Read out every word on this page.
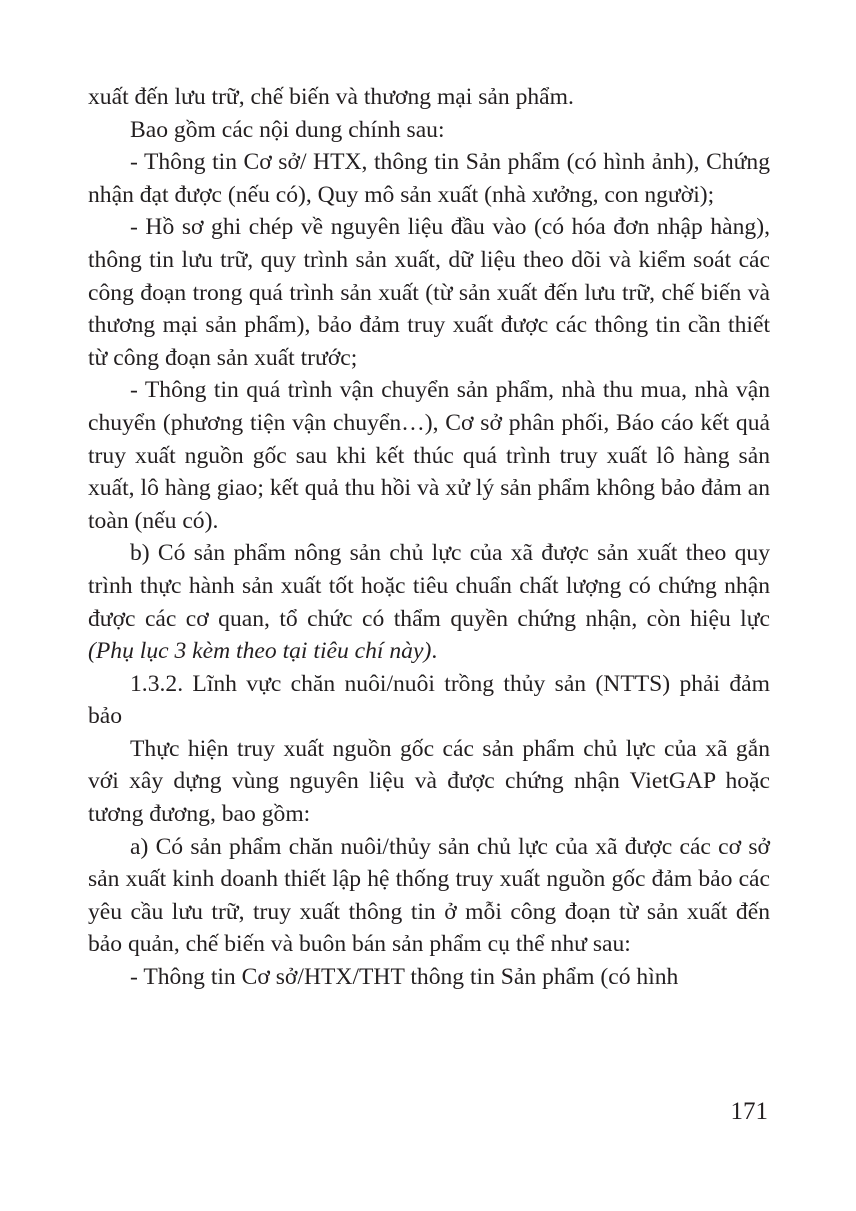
xuất đến lưu trữ, chế biến và thương mại sản phẩm.

Bao gồm các nội dung chính sau:

- Thông tin Cơ sở/ HTX, thông tin Sản phẩm (có hình ảnh), Chứng nhận đạt được (nếu có), Quy mô sản xuất (nhà xưởng, con người);

- Hồ sơ ghi chép về nguyên liệu đầu vào (có hóa đơn nhập hàng), thông tin lưu trữ, quy trình sản xuất, dữ liệu theo dõi và kiểm soát các công đoạn trong quá trình sản xuất (từ sản xuất đến lưu trữ, chế biến và thương mại sản phẩm), bảo đảm truy xuất được các thông tin cần thiết từ công đoạn sản xuất trước;

- Thông tin quá trình vận chuyển sản phẩm, nhà thu mua, nhà vận chuyển (phương tiện vận chuyển…), Cơ sở phân phối, Báo cáo kết quả truy xuất nguồn gốc sau khi kết thúc quá trình truy xuất lô hàng sản xuất, lô hàng giao; kết quả thu hồi và xử lý sản phẩm không bảo đảm an toàn (nếu có).

b) Có sản phẩm nông sản chủ lực của xã được sản xuất theo quy trình thực hành sản xuất tốt hoặc tiêu chuẩn chất lượng có chứng nhận được các cơ quan, tổ chức có thẩm quyền chứng nhận, còn hiệu lực (Phụ lục 3 kèm theo tại tiêu chí này).

1.3.2. Lĩnh vực chăn nuôi/nuôi trồng thủy sản (NTTS) phải đảm bảo

Thực hiện truy xuất nguồn gốc các sản phẩm chủ lực của xã gắn với xây dựng vùng nguyên liệu và được chứng nhận VietGAP hoặc tương đương, bao gồm:

a) Có sản phẩm chăn nuôi/thủy sản chủ lực của xã được các cơ sở sản xuất kinh doanh thiết lập hệ thống truy xuất nguồn gốc đảm bảo các yêu cầu lưu trữ, truy xuất thông tin ở mỗi công đoạn từ sản xuất đến bảo quản, chế biến và buôn bán sản phẩm cụ thể như sau:

- Thông tin Cơ sở/HTX/THT thông tin Sản phẩm (có hình

171
